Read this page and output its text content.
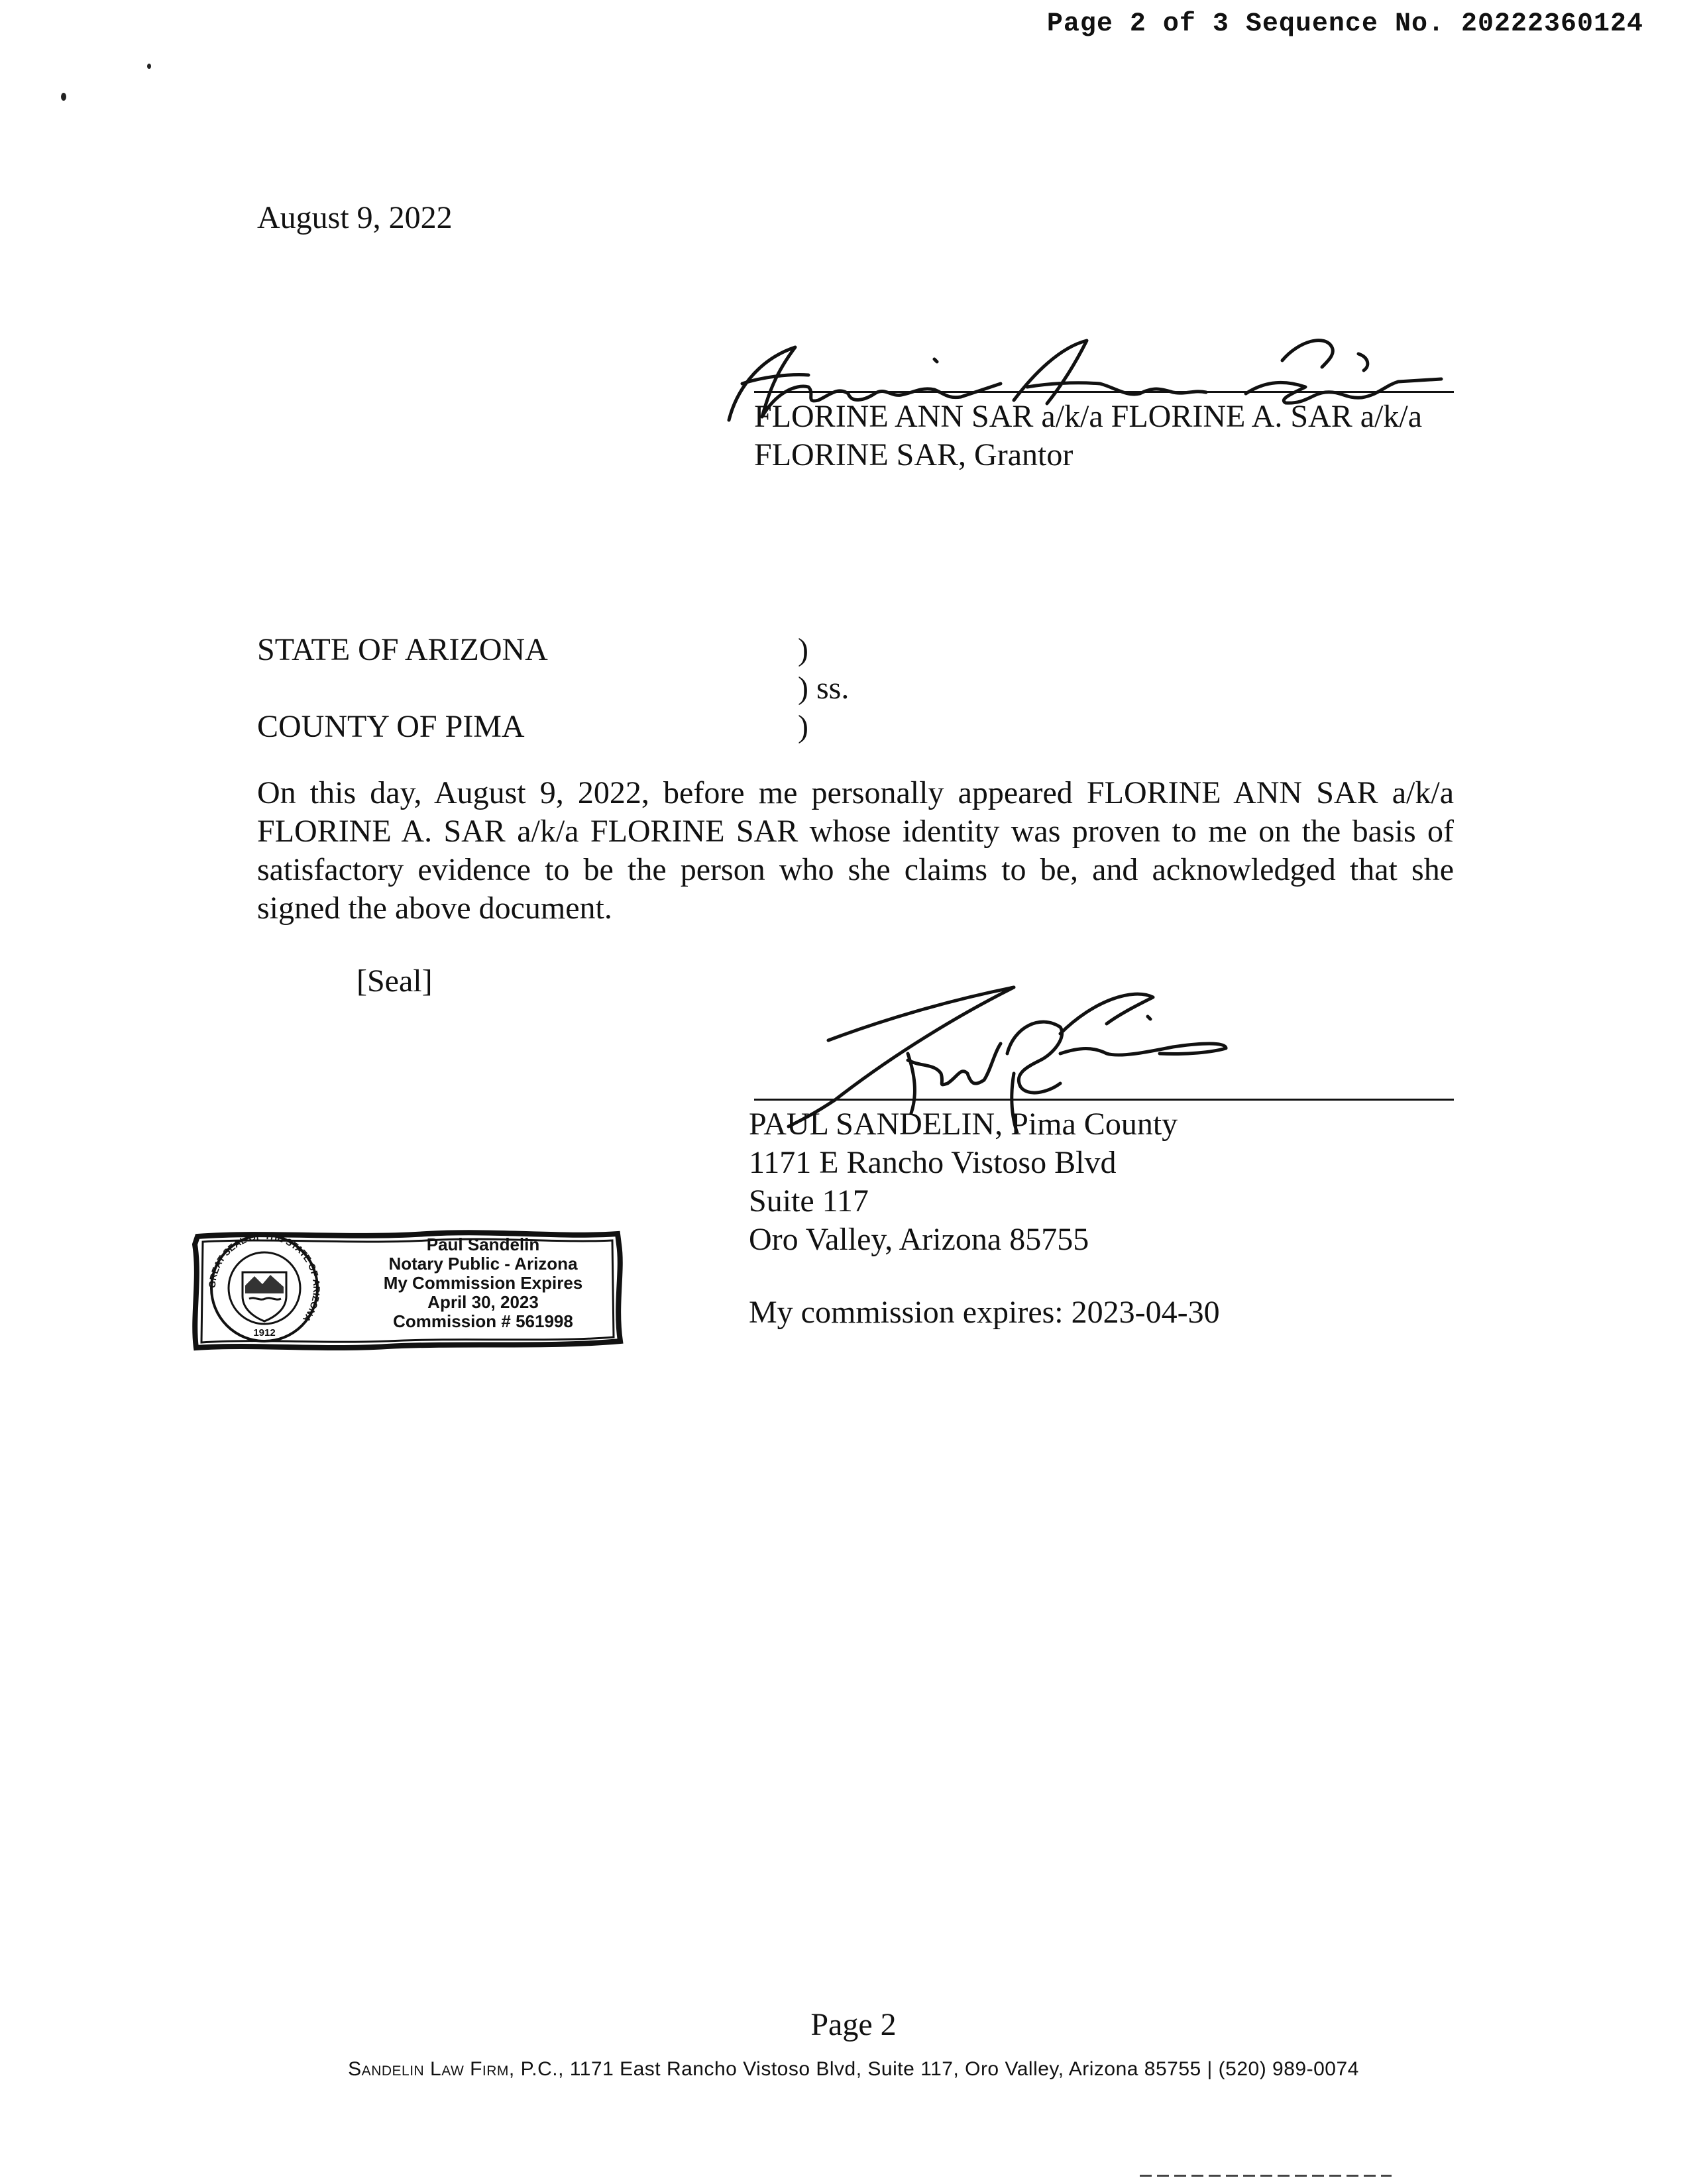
Page 2 of 3 Sequence No. 20222360124
August 9, 2022
FLORINE ANN SAR a/k/a FLORINE A. SAR a/k/a
FLORINE SAR, Grantor
STATE OF ARIZONA
COUNTY OF PIMA
)
) ss.
)
On this day, August 9, 2022, before me personally appeared FLORINE ANN SAR a/k/a FLORINE A. SAR a/k/a FLORINE SAR whose identity was proven to me on the basis of satisfactory evidence to be the person who she claims to be, and acknowledged that she signed the above document.
[Seal]
PAUL SANDELIN, Pima County
1171 E Rancho Vistoso Blvd
Suite 117
Oro Valley, Arizona 85755
My commission expires: 2023-04-30
GREAT SEAL OF THE STATE OF ARIZONA
1912
Paul Sandelin
Notary Public - Arizona
My Commission Expires
April 30, 2023
Commission # 561998
Page 2
Sandelin Law Firm, P.C., 1171 East Rancho Vistoso Blvd, Suite 117, Oro Valley, Arizona 85755 | (520) 989-0074
